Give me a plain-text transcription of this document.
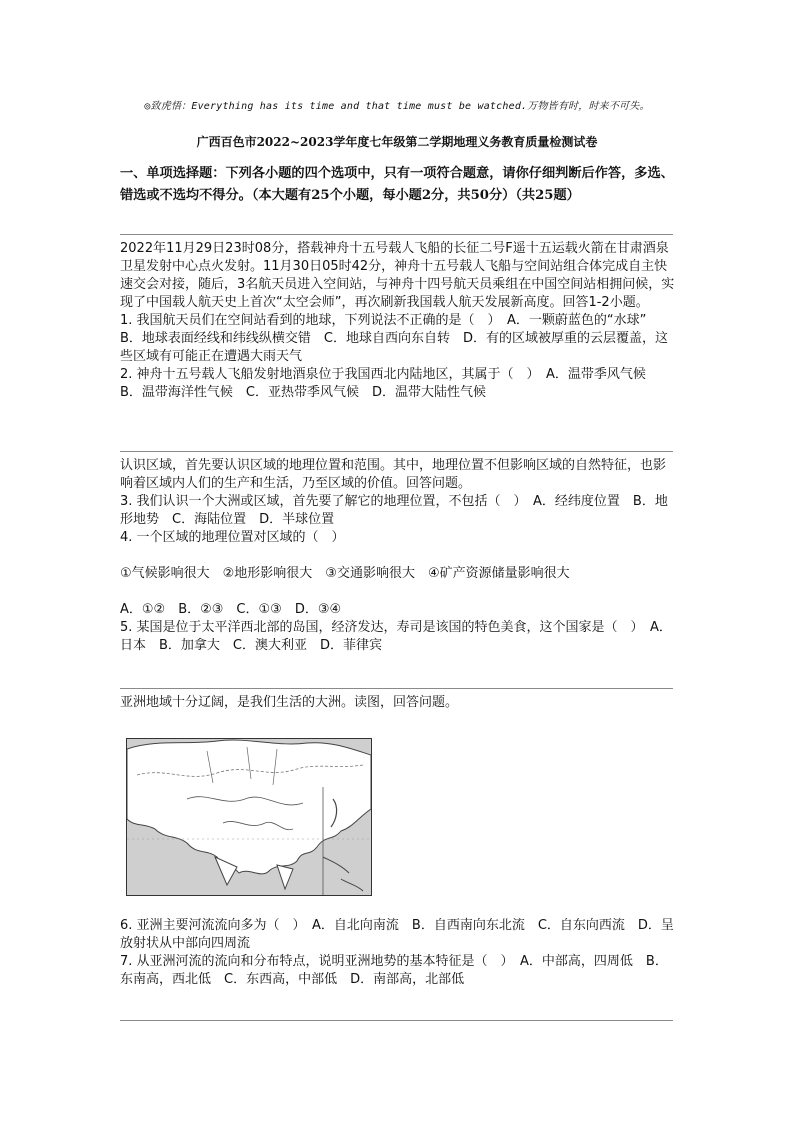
◎致虎悟：Everything has its time and that time must be watched.万物皆有时，时来不可失。
广西百色市2022~2023学年度七年级第二学期地理义务教育质量检测试卷
一、单项选择题：下列各小题的四个选项中，只有一项符合题意，请你仔细判断后作答，多选、错选或不选均不得分。（本大题有25个小题，每小题2分，共50分）（共25题）

2022年11月29日23时08分，搭载神舟十五号载人飞船的长征二号F遥十五运载火箭在甘肃酒泉卫星发射中心点火发射。11月30日05时42分，神舟十五号载人飞船与空间站组合体完成自主快速交会对接，随后，3名航天员进入空间站，与神舟十四号航天员乘组在中国空间站相拥问候，实现了中国载人航天史上首次“太空会师”，再次刷新我国载人航天发展新高度。回答1-2小题。

1. 我国航天员们在空间站看到的地球，下列说法不正确的是（　）　A．一颗蔚蓝色的“水球”　B．地球表面经线和纬线纵横交错　C．地球自西向东自转　D．有的区域被厚重的云层覆盖，这些区域有可能正在遭遇大雨天气

2. 神舟十五号载人飞船发射地酒泉位于我国西北内陆地区，其属于（　）　A．温带季风气候　B．温带海洋性气候　C．亚热带季风气候　D．温带大陆性气候

认识区域，首先要认识区域的地理位置和范围。其中，地理位置不但影响区域的自然特征，也影响着区域内人们的生产和生活，乃至区域的价值。回答问题。

3. 我们认识一个大洲或区域，首先要了解它的地理位置，不包括（　）　A．经纬度位置　B．地形地势　C．海陆位置　D．半球位置

4. 一个区域的地理位置对区域的（　）

①气候影响很大　②地形影响很大　③交通影响很大　④矿产资源储量影响很大

A．①②　B．②③　C．①③　D．③④

5. 某国是位于太平洋西北部的岛国，经济发达，寿司是该国的特色美食，这个国家是（　）　A．日本　B．加拿大　C．澳大利亚　D．菲律宾

亚洲地域十分辽阔，是我们生活的大洲。读图，回答问题。

6. 亚洲主要河流流向多为（　）　A．自北向南流　B．自西南向东北流　C．自东向西流　D．呈放射状从中部向四周流

7. 从亚洲河流的流向和分布特点，说明亚洲地势的基本特征是（　）　A．中部高，四周低　B．东南高，西北低　C．东西高，中部低　D．南部高，北部低
